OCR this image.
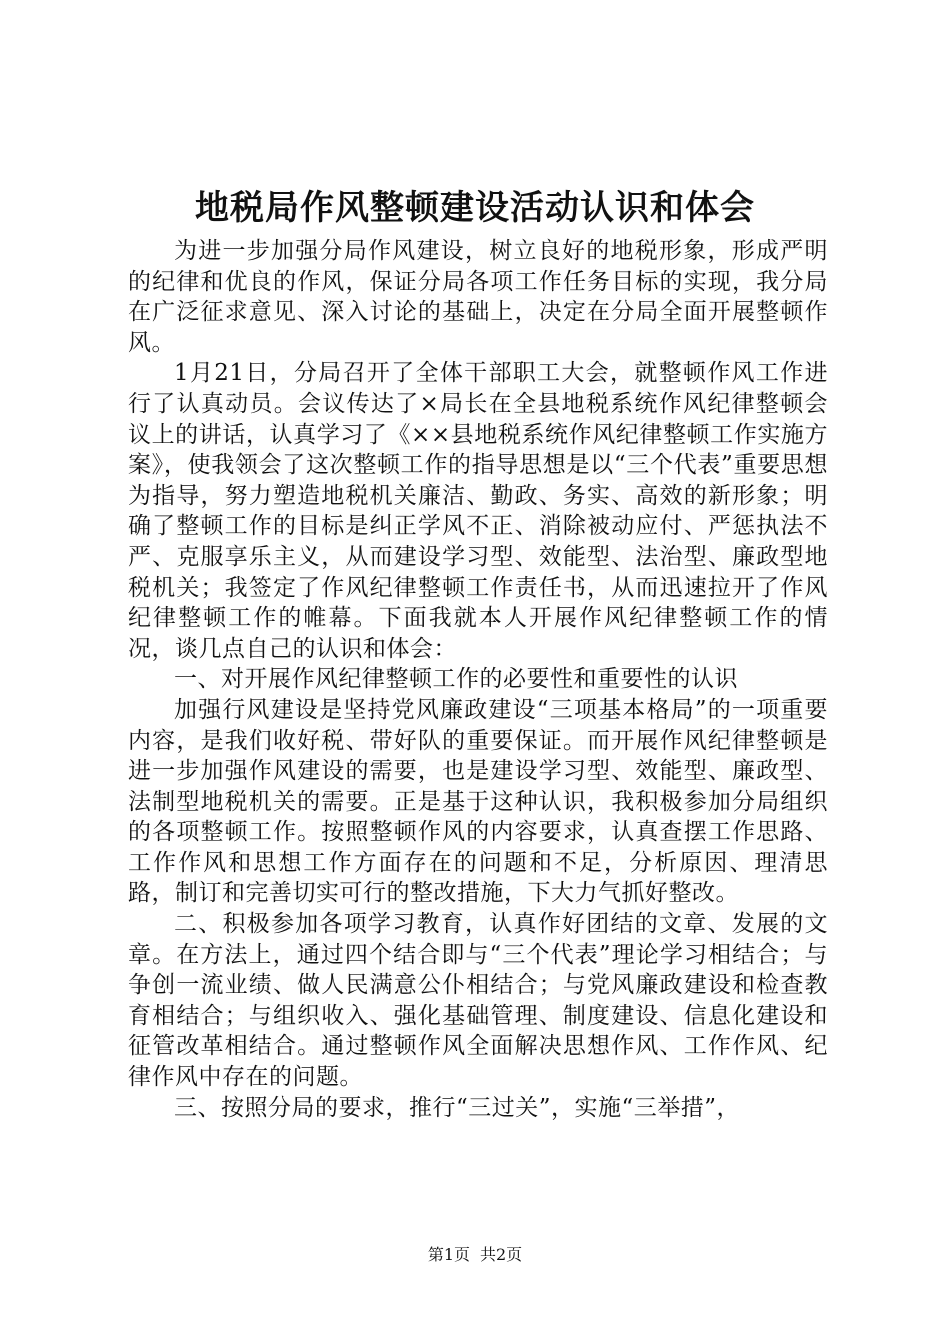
地税局作风整顿建设活动认识和体会

为进一步加强分局作风建设，树立良好的地税形象，形成严明的纪律和优良的作风，保证分局各项工作任务目标的实现，我分局在广泛征求意见、深入讨论的基础上，决定在分局全面开展整顿作风。

1月21日，分局召开了全体干部职工大会，就整顿作风工作进行了认真动员。会议传达了×局长在全县地税系统作风纪律整顿会议上的讲话，认真学习了《××县地税系统作风纪律整顿工作实施方案》，使我领会了这次整顿工作的指导思想是以“三个代表”重要思想为指导，努力塑造地税机关廉洁、勤政、务实、高效的新形象；明确了整顿工作的目标是纠正学风不正、消除被动应付、严惩执法不严、克服享乐主义，从而建设学习型、效能型、法治型、廉政型地税机关；我签定了作风纪律整顿工作责任书，从而迅速拉开了作风纪律整顿工作的帷幕。下面我就本人开展作风纪律整顿工作的情况，谈几点自己的认识和体会：

一、对开展作风纪律整顿工作的必要性和重要性的认识

加强行风建设是坚持党风廉政建设“三项基本格局”的一项重要内容，是我们收好税、带好队的重要保证。而开展作风纪律整顿是进一步加强作风建设的需要，也是建设学习型、效能型、廉政型、法制型地税机关的需要。正是基于这种认识，我积极参加分局组织的各项整顿工作。按照整顿作风的内容要求，认真查摆工作思路、工作作风和思想工作方面存在的问题和不足，分析原因、理清思路，制订和完善切实可行的整改措施，下大力气抓好整改。

二、积极参加各项学习教育，认真作好团结的文章、发展的文章。在方法上，通过四个结合即与“三个代表”理论学习相结合；与争创一流业绩、做人民满意公仆相结合；与党风廉政建设和检查教育相结合；与组织收入、强化基础管理、制度建设、信息化建设和征管改革相结合。通过整顿作风全面解决思想作风、工作作风、纪律作风中存在的问题。

三、按照分局的要求，推行“三过关”，实施“三举措”，

第1页 共2页
